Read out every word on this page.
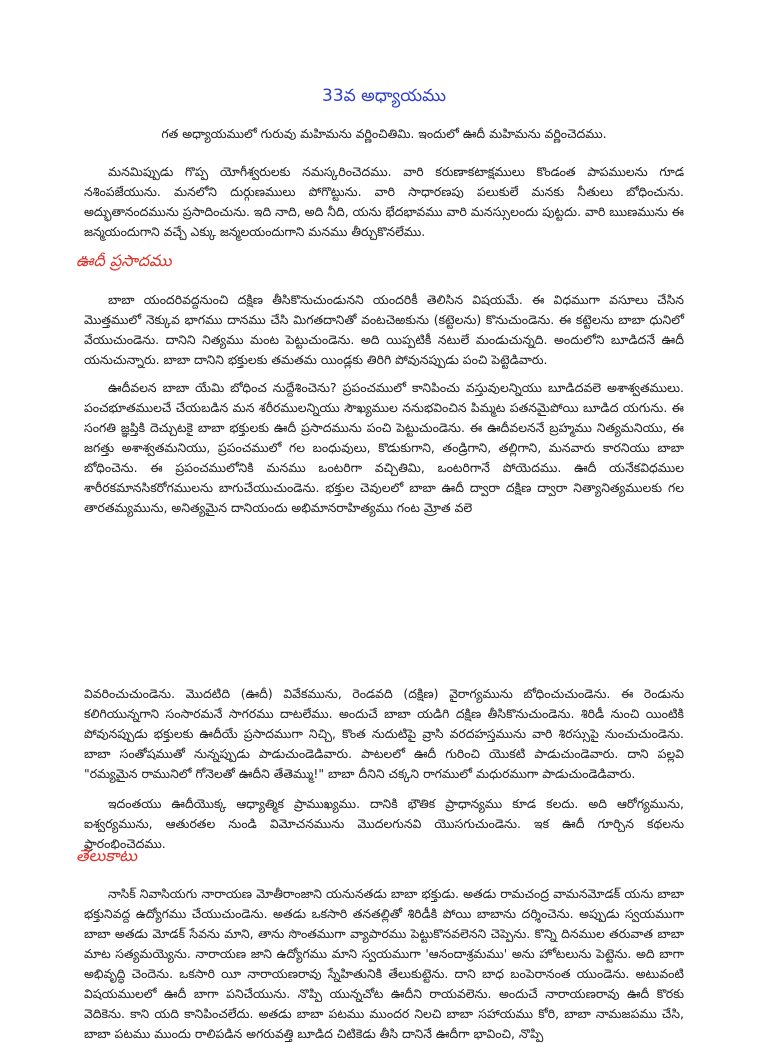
33వ అధ్యాయము
గత అధ్యాయములో గురువు మహిమను వర్ణించితిమి. ఇందులో ఊదీ మహిమను వర్ణించెదము.

మనమిప్పుడు గొప్ప యోగీశ్వరులకు నమస్కరించెదము. వారి కరుణాకటాక్షములు కొండంత పాపములను గూడ నశింపజేయును. మనలోని దుర్గుణములు పోగొట్టును. వారి సాధారణపు పలుకులే మనకు నీతులు బోధించును. అద్భుతానందమును ప్రసాదించును. ఇది నాది, అది నీది, యను భేదభావము వారి మనస్సులందు పుట్టదు. వారి ఋణమును ఈ జన్మయందుగాని వచ్చే ఎక్కు జన్మలయందుగాని మనము తీర్చుకొనలేము.

ఊదీ ప్రసాదము

బాబా యందరివద్దనుంచి దక్షిణ తీసికొనుచుండునని యందరికీ తెలిసిన విషయమే. ఈ విధముగా వసూలు చేసిన మొత్తములో నెక్కువ భాగము దానము చేసి మిగతదానితో వంటచెఱకును (కట్టెలను) కొనుచుండెను. ఈ కట్టెలను బాబా ధునిలో వేయుచుండెను. దానిని నిత్యము మంట పెట్టుచుండెను. అది యిప్పటికీ నటులే మండుచున్నది. అందులోని బూడిదనే ఊదీ యనుచున్నారు. బాబా దానిని భక్తులకు తమతమ యిండ్లకు తిరిగి పోవునప్పుడు పంచి పెట్టెడివారు.

ఊదీవలన బాబా యేమి బోధించ నుద్దేశించెను? ప్రపంచములో కానిపించు వస్తువులన్నియు బూడిదవలె అశాశ్వతములు. పంచభూతములచే చేయబడిన మన శరీరములన్నియు సౌఖ్యముల ననుభవించిన పిమ్మట పతనమైపోయి బూడిద యగును. ఈ సంగతి జ్ఞప్తికి దెచ్చుటకై బాబా భక్తులకు ఊదీ ప్రసాదమును పంచి పెట్టుచుండెను. ఈ ఊదీవలననే బ్రహ్మము నిత్యమనియు, ఈ జగత్తు అశాశ్వతమనియు, ప్రపంచములో గల బంధువులు, కొడుకుగాని, తండ్రిగాని, తల్లిగాని, మనవారు కారనియు బాబా బోధించెను. ఈ ప్రపంచములోనికి మనము ఒంటరిగా వచ్చితిమి, ఒంటరిగానే పోయెదము. ఊదీ యనేకవిధముల శారీరకమానసికరోగములను బాగుచేయుచుండెను. భక్తుల చెవులలో బాబా ఊదీ ద్వారా దక్షిణ ద్వారా నిత్యానిత్యములకు గల తారతమ్యమును, అనిత్యమైన దానియందు అభిమానరాహిత్యము గంట మ్రోత వలె

వివరించుచుండెను. మొదటిది (ఊదీ) వివేకమును, రెండవది (దక్షిణ) వైరాగ్యమును బోధించుచుండెను. ఈ రెండును కలిగియున్నగాని సంసారమనే సాగరము దాటలేము. అందుచే బాబా యడిగి దక్షిణ తీసికొనుచుండెను. శిరిడీ నుంచి యింటికి పోవునప్పుడు భక్తులకు ఊదీయే ప్రసాదముగా నిచ్చి, కొంత నుదుటిపై వ్రాసి వరదహస్తమును వారి శిరస్సుపై నుంచుచుండెను. బాబా సంతోషముతో నున్నప్పుడు పాడుచుండెడివారు. పాటలలో ఊదీ గురించి యొకటి పాడుచుండెవారు. దాని పల్లవి "రమ్యమైన రామునిలో గోనెలతో ఊదీని తేతెమ్ము!" బాబా దీనిని చక్కని రాగములో మధురముగా పాడుచుండెడివారు.

ఇదంతయు ఊదీయొక్క ఆధ్యాత్మిక ప్రాముఖ్యము. దానికి భౌతిక ప్రాధాన్యము కూడ కలదు. అది ఆరోగ్యమును, ఐశ్వర్యమును, ఆతురతల నుండి విమోచనమును మొదలగునవి యొసగుచుండెను. ఇక ఊదీ గూర్చిన కథలను ప్రారంభించెదము.

తేలుకాటు

నాసిక్ నివాసియగు నారాయణ మోతీరాంజాని యనునతడు బాబా భక్తుడు. అతడు రామచంద్ర వామనమోడక్ యను బాబా భక్తునివద్ద ఉద్యోగము చేయుచుండెను. అతడు ఒకసారి తనతల్లితో శిరిడీకి పోయి బాబాను దర్శించెను. అప్పుడు స్వయముగా బాబా అతడు మోడక్ సేవను మాని, తాను సొంతముగా వ్యాపారము పెట్టుకొనవలెనని చెప్పెను. కొన్ని దినముల తరువాత బాబా మాట సత్యమయ్యెను. నారాయణ జాని ఉద్యోగము మాని స్వయముగా 'ఆనందాశ్రమము' అను హోటలును పెట్టెను. అది బాగా అభివృద్ధి చెందెను. ఒకసారి యీ నారాయణరావు స్నేహితునికి తేలుకుట్టెను. దాని బాధ బంపెరానంత యుండెను. అటువంటి విషయములలో ఊదీ బాగా పనిచేయును. నొప్పి యున్నచోట ఊదీని రాయవలెను. అందుచే నారాయణరావు ఊదీ కొరకు వెదికెను. కాని యది కానిపించలేదు. అతడు బాబా పటము ముందర నిలచి బాబా సహాయము కోరి, బాబా నామజపము చేసి, బాబా పటము ముందు రాలిపడిన అగరువత్తి బూడిద చిటికెడు తీసి దానినే ఊదీగా భావించి, నొప్పి
